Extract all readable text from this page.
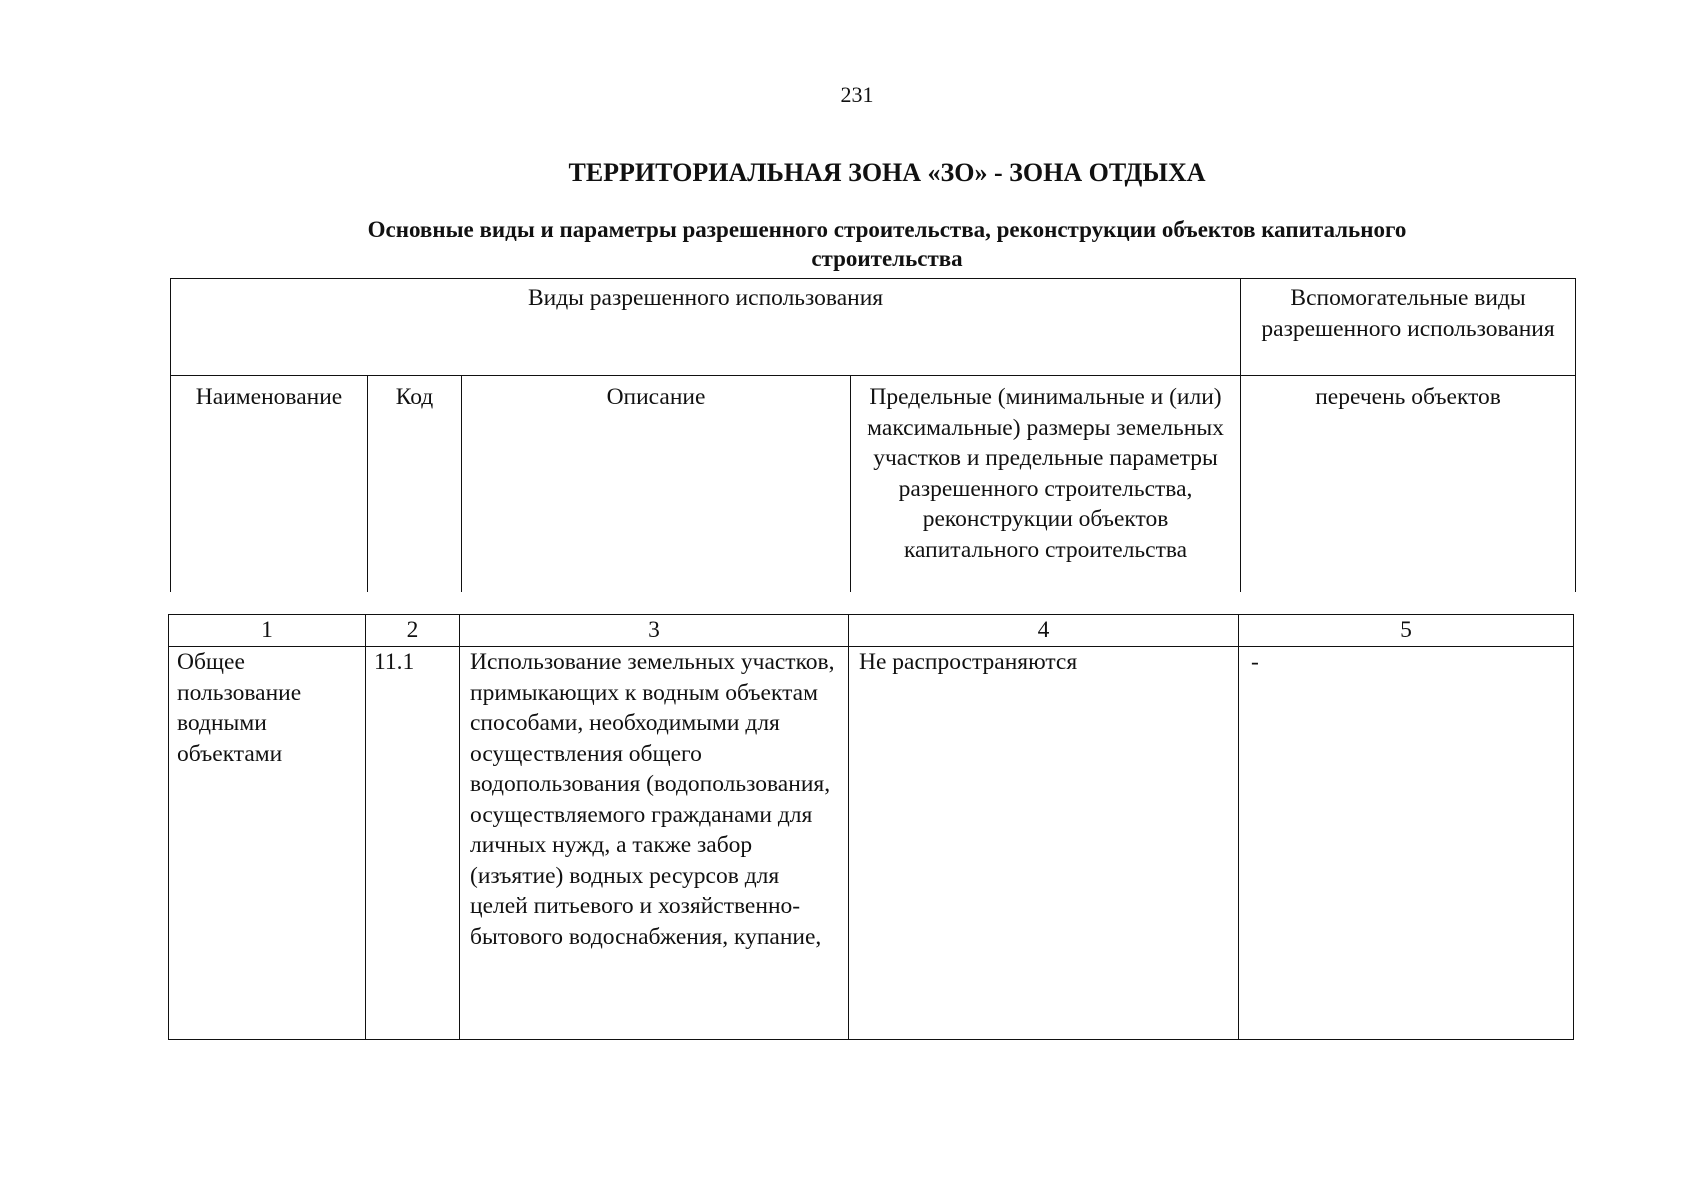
231
ТЕРРИТОРИАЛЬНАЯ ЗОНА «ЗО» - ЗОНА ОТДЫХА
Основные виды и параметры разрешенного строительства, реконструкции объектов капитального
строительства
Виды разрешенного использования				Вспомогательные виды разрешенного использования
Наименование	Код	Описание	Предельные (минимальные и (или) максимальные) размеры земельных участков и предельные параметры разрешенного строительства, реконструкции объектов капитального строительства	перечень объектов
1	2	3	4	5
Общее пользование водными объектами	11.1	Использование земельных участков, примыкающих к водным объектам способами, необходимыми для осуществления общего водопользования (водопользования, осуществляемого гражданами для личных нужд, а также забор (изъятие) водных ресурсов для целей питьевого и хозяйственно-бытового водоснабжения, купание,	Не распространяются	-
